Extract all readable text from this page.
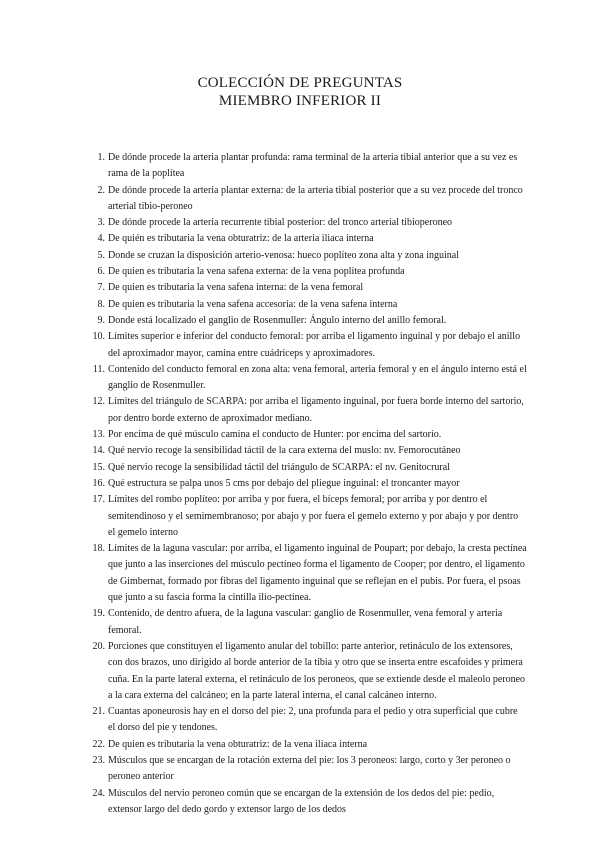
COLECCIÓN DE PREGUNTAS
MIEMBRO INFERIOR II
1. De dónde procede la arteria plantar profunda: rama terminal de la arteria tibial anterior que a su vez es rama de la poplítea
2. De dónde procede la arteria plantar externa: de la arteria tibial posterior que a su vez procede del tronco arterial tibio-peroneo
3. De dónde procede la arteria recurrente tibial posterior: del tronco arterial tibioperoneo
4. De quién es tributaria la vena obturatriz: de la arteria iliaca interna
5. Donde se cruzan la disposición arterio-venosa: hueco poplíteo zona alta y zona inguinal
6. De quien es tributaria la vena safena externa: de la vena poplítea profunda
7. De quien es tributaria la vena safena interna: de la vena femoral
8. De quien es tributaria la vena safena accesoria: de la vena safena interna
9. Donde está localizado el ganglio de Rosenmuller: Ángulo interno del anillo femoral.
10. Límites superior e inferior del conducto femoral: por arriba el ligamento inguinal y por debajo el anillo del aproximador mayor, camina entre cuádriceps y aproximadores.
11. Contenido del conducto femoral en zona alta: vena femoral, arteria femoral y en el ángulo interno está el ganglio de Rosenmuller.
12. Límites del triángulo de SCARPA: por arriba el ligamento inguinal, por fuera borde interno del sartorio, por dentro borde externo de aproximador mediano.
13. Por encima de qué músculo camina el conducto de Hunter: por encima del sartorio.
14. Qué nervio recoge la sensibilidad táctil de la cara externa del muslo: nv. Femorocutáneo
15. Qué nervio recoge la sensibilidad táctil del triángulo de SCARPA: el nv. Genitocrural
16. Qué estructura se palpa unos 5 cms por debajo del pliegue inguinal: el troncanter mayor
17. Límites del rombo poplíteo: por arriba y por fuera, el bíceps femoral; por arriba y por dentro el semitendinoso y el semimembranoso; por abajo y por fuera el gemelo externo y por abajo y por dentro el gemelo interno
18. Límites de la laguna vascular: por arriba, el ligamento inguinal de Poupart; por debajo, la cresta pectínea que junto a las inserciones del músculo pectíneo forma el ligamento de Cooper; por dentro, el ligamento de Gimbernat, formado por fibras del ligamento inguinal que se reflejan en el pubis. Por fuera, el psoas que junto a su fascia forma la cintilla ilio-pectínea.
19. Contenido, de dentro afuera, de la laguna vascular: ganglio de Rosenmuller, vena femoral y arteria femoral.
20. Porciones que constituyen el ligamento anular del tobillo: parte anterior, retináculo de los extensores, con dos brazos, uno dirigido al borde anterior de la tibia y otro que se inserta entre escafoides y primera cuña. En la parte lateral externa, el retináculo de los peroneos, que se extiende desde el maleolo peroneo a la cara externa del calcáneo; en la parte lateral interna, el canal calcáneo interno.
21. Cuantas aponeurosis hay en el dorso del pie: 2, una profunda para el pedio y otra superficial que cubre el dorso del pie y tendones.
22. De quien es tributaria la vena obturatriz: de la vena iliaca interna
23. Músculos que se encargan de la rotación externa del pie: los 3 peroneos: largo, corto y 3er peroneo o peroneo anterior
24. Músculos del nervio peroneo común que se encargan de la extensión de los dedos del pie: pedio, extensor largo del dedo gordo y extensor largo de los dedos
